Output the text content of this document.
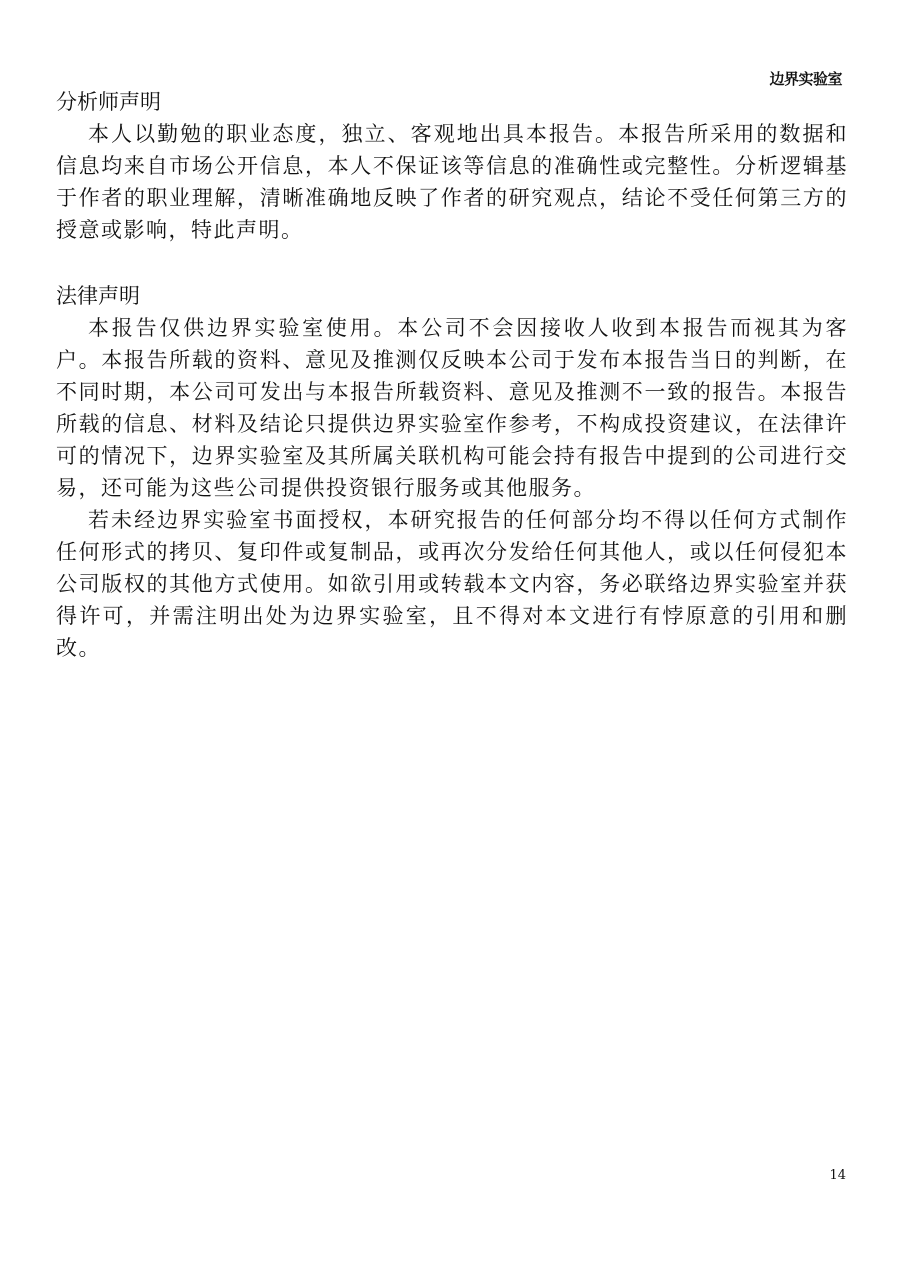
边界实验室
分析师声明

本人以勤勉的职业态度，独立、客观地出具本报告。本报告所采用的数据和信息均来自市场公开信息，本人不保证该等信息的准确性或完整性。分析逻辑基于作者的职业理解，清晰准确地反映了作者的研究观点，结论不受任何第三方的授意或影响，特此声明。

法律声明

本报告仅供边界实验室使用。本公司不会因接收人收到本报告而视其为客户。本报告所载的资料、意见及推测仅反映本公司于发布本报告当日的判断，在不同时期，本公司可发出与本报告所载资料、意见及推测不一致的报告。本报告所载的信息、材料及结论只提供边界实验室作参考，不构成投资建议，在法律许可的情况下，边界实验室及其所属关联机构可能会持有报告中提到的公司进行交易，还可能为这些公司提供投资银行服务或其他服务。

若未经边界实验室书面授权，本研究报告的任何部分均不得以任何方式制作任何形式的拷贝、复印件或复制品，或再次分发给任何其他人，或以任何侵犯本公司版权的其他方式使用。如欲引用或转载本文内容，务必联络边界实验室并获得许可，并需注明出处为边界实验室，且不得对本文进行有悖原意的引用和删改。

14
